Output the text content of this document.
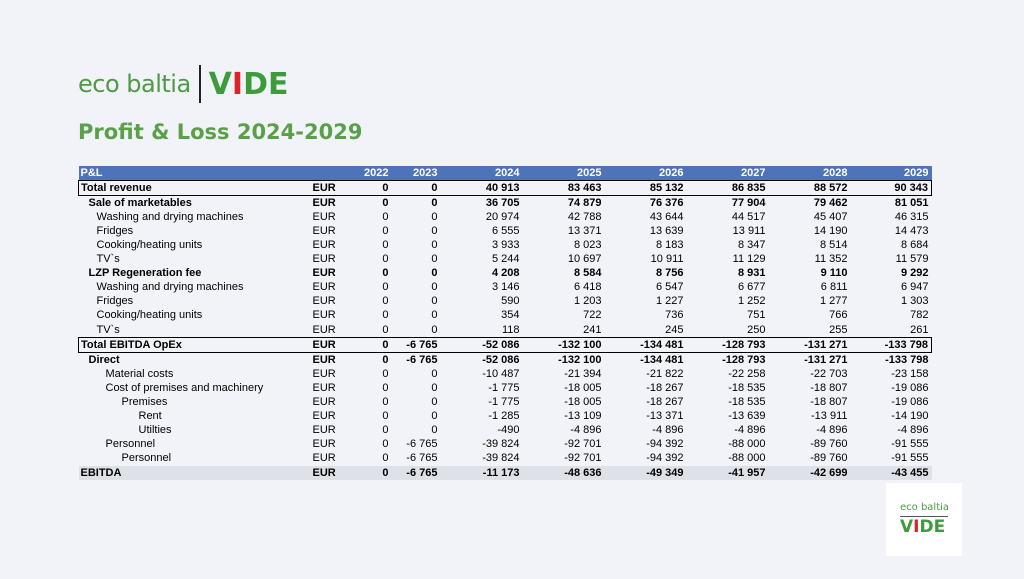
eco baltia VIDE
Profit & Loss 2024-2029
P&L		2022	2023	2024	2025	2026	2027	2028	2029
Total revenue	EUR	0	0	40 913	83 463	85 132	86 835	88 572	90 343
Sale of marketables	EUR	0	0	36 705	74 879	76 376	77 904	79 462	81 051
Washing and drying machines	EUR	0	0	20 974	42 788	43 644	44 517	45 407	46 315
Fridges	EUR	0	0	6 555	13 371	13 639	13 911	14 190	14 473
Cooking/heating units	EUR	0	0	3 933	8 023	8 183	8 347	8 514	8 684
TV`s	EUR	0	0	5 244	10 697	10 911	11 129	11 352	11 579
LZP Regeneration fee	EUR	0	0	4 208	8 584	8 756	8 931	9 110	9 292
Washing and drying machines	EUR	0	0	3 146	6 418	6 547	6 677	6 811	6 947
Fridges	EUR	0	0	590	1 203	1 227	1 252	1 277	1 303
Cooking/heating units	EUR	0	0	354	722	736	751	766	782
TV`s	EUR	0	0	118	241	245	250	255	261
Total EBITDA OpEx	EUR	0	-6 765	-52 086	-132 100	-134 481	-128 793	-131 271	-133 798
Direct	EUR	0	-6 765	-52 086	-132 100	-134 481	-128 793	-131 271	-133 798
Material costs	EUR	0	0	-10 487	-21 394	-21 822	-22 258	-22 703	-23 158
Cost of premises and machinery	EUR	0	0	-1 775	-18 005	-18 267	-18 535	-18 807	-19 086
Premises	EUR	0	0	-1 775	-18 005	-18 267	-18 535	-18 807	-19 086
Rent	EUR	0	0	-1 285	-13 109	-13 371	-13 639	-13 911	-14 190
Utilties	EUR	0	0	-490	-4 896	-4 896	-4 896	-4 896	-4 896
Personnel	EUR	0	-6 765	-39 824	-92 701	-94 392	-88 000	-89 760	-91 555
Personnel	EUR	0	-6 765	-39 824	-92 701	-94 392	-88 000	-89 760	-91 555
EBITDA	EUR	0	-6 765	-11 173	-48 636	-49 349	-41 957	-42 699	-43 455
eco baltia
VIDE
